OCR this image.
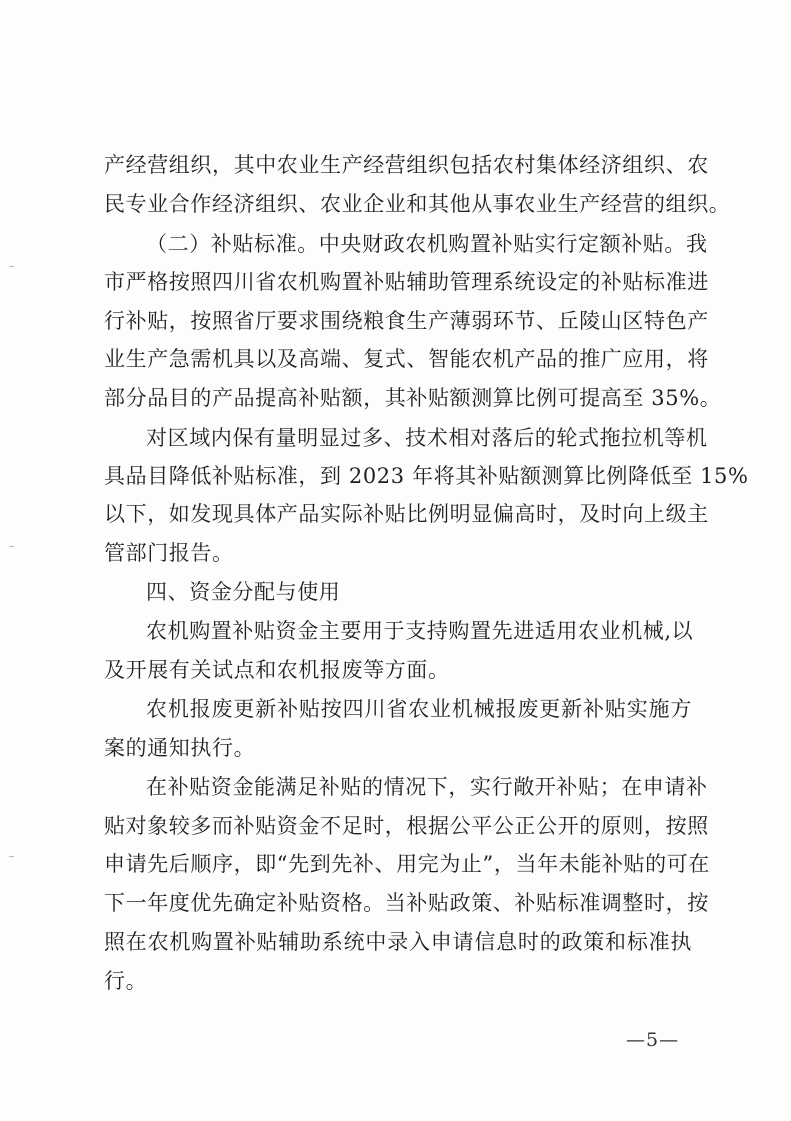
产经营组织，其中农业生产经营组织包括农村集体经济组织、农
民专业合作经济组织、农业企业和其他从事农业生产经营的组织。
（二）补贴标准。中央财政农机购置补贴实行定额补贴。我
市严格按照四川省农机购置补贴辅助管理系统设定的补贴标准进
行补贴，按照省厅要求围绕粮食生产薄弱环节、丘陵山区特色产
业生产急需机具以及高端、复式、智能农机产品的推广应用，将
部分品目的产品提高补贴额，其补贴额测算比例可提高至 35%。
对区域内保有量明显过多、技术相对落后的轮式拖拉机等机
具品目降低补贴标准，到 2023 年将其补贴额测算比例降低至 15%
以下，如发现具体产品实际补贴比例明显偏高时，及时向上级主
管部门报告。
四、资金分配与使用
农机购置补贴资金主要用于支持购置先进适用农业机械,以
及开展有关试点和农机报废等方面。
农机报废更新补贴按四川省农业机械报废更新补贴实施方
案的通知执行。
在补贴资金能满足补贴的情况下，实行敞开补贴；在申请补
贴对象较多而补贴资金不足时，根据公平公正公开的原则，按照
申请先后顺序，即“先到先补、用完为止”，当年未能补贴的可在
下一年度优先确定补贴资格。当补贴政策、补贴标准调整时，按
照在农机购置补贴辅助系统中录入申请信息时的政策和标准执
行。
—5—
